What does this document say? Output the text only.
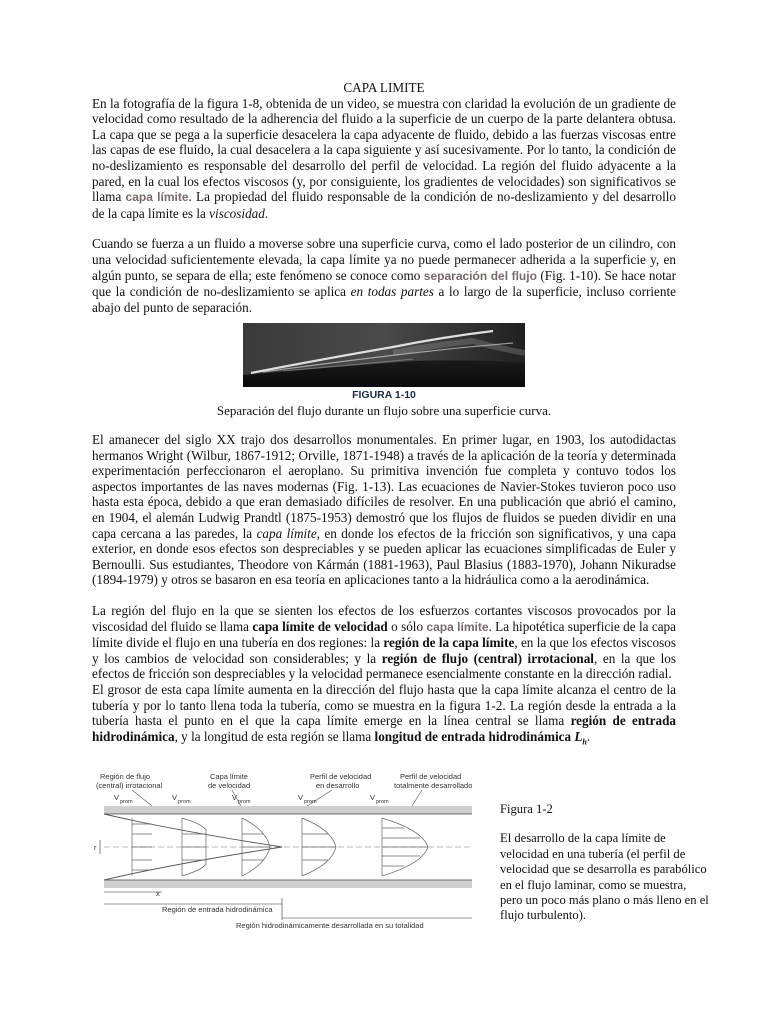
CAPA LIMITE

En la fotografía de la figura 1-8, obtenida de un video, se muestra con claridad la evolución de un gradiente de velocidad como resultado de la adherencia del fluido a la superficie de un cuerpo de la parte delantera obtusa. La capa que se pega a la superficie desacelera la capa adyacente de fluido, debido a las fuerzas viscosas entre las capas de ese fluido, la cual desacelera a la capa siguiente y así sucesivamente. Por lo tanto, la condición de no-deslizamiento es responsable del desarrollo del perfil de velocidad. La región del fluido adyacente a la pared, en la cual los efectos viscosos (y, por consiguiente, los gradientes de velocidades) son significativos se llama capa límite. La propiedad del fluido responsable de la condición de no-deslizamiento y del desarrollo de la capa límite es la viscosidad.

Cuando se fuerza a un fluido a moverse sobre una superficie curva, como el lado posterior de un cilindro, con una velocidad suficientemente elevada, la capa límite ya no puede permanecer adherida a la superficie y, en algún punto, se separa de ella; este fenómeno se conoce como separación del flujo (Fig. 1-10). Se hace notar que la condición de no-deslizamiento se aplica en todas partes a lo largo de la superficie, incluso corriente abajo del punto de separación.

FIGURA 1-10
Separación del flujo durante un flujo sobre una superficie curva.

El amanecer del siglo XX trajo dos desarrollos monumentales. En primer lugar, en 1903, los autodidactas hermanos Wright (Wilbur, 1867-1912; Orville, 1871-1948) a través de la aplicación de la teoría y determinada experimentación perfeccionaron el aeroplano. Su primitiva invención fue completa y contuvo todos los aspectos importantes de las naves modernas (Fig. 1-13). Las ecuaciones de Navier-Stokes tuvieron poco uso hasta esta época, debido a que eran demasiado difíciles de resolver. En una publicación que abrió el camino, en 1904, el alemán Ludwig Prandtl (1875-1953) demostró que los flujos de fluidos se pueden dividir en una capa cercana a las paredes, la capa límite, en donde los efectos de la fricción son significativos, y una capa exterior, en donde esos efectos son despreciables y se pueden aplicar las ecuaciones simplificadas de Euler y Bernoulli. Sus estudiantes, Theodore von Kármán (1881-1963), Paul Blasius (1883-1970), Johann Nikuradse (1894-1979) y otros se basaron en esa teoría en aplicaciones tanto a la hidráulica como a la aerodinámica.

La región del flujo en la que se sienten los efectos de los esfuerzos cortantes viscosos provocados por la viscosidad del fluido se llama capa límite de velocidad o sólo capa límite. La hipotética superficie de la capa límite divide el flujo en una tubería en dos regiones: la región de la capa límite, en la que los efectos viscosos y los cambios de velocidad son considerables; y la región de flujo (central) irrotacional, en la que los efectos de fricción son despreciables y la velocidad permanece esencialmente constante en la dirección radial.

El grosor de esta capa límite aumenta en la dirección del flujo hasta que la capa límite alcanza el centro de la tubería y por lo tanto llena toda la tubería, como se muestra en la figura 1-2. La región desde la entrada a la tubería hasta el punto en el que la capa límite emerge en la línea central se llama región de entrada hidrodinámica, y la longitud de esta región se llama longitud de entrada hidrodinámica $L_h$.

Región de flujo
(central) irrotacional
Capa límite
de velocidad
Perfil de velocidad
en desarrollo
Perfil de velocidad
totalmente desarrollado
V prom	V prom	V prom	V prom	V prom
r
x
Región de entrada hidrodinámica
Región hidrodinámicamente desarrollada en su totalidad
Figura 1-2
El desarrollo de la capa límite de velocidad en una tubería (el perfil de velocidad que se desarrolla es parabólico en el flujo laminar, como se muestra, pero un poco más plano o más lleno en el flujo turbulento).
